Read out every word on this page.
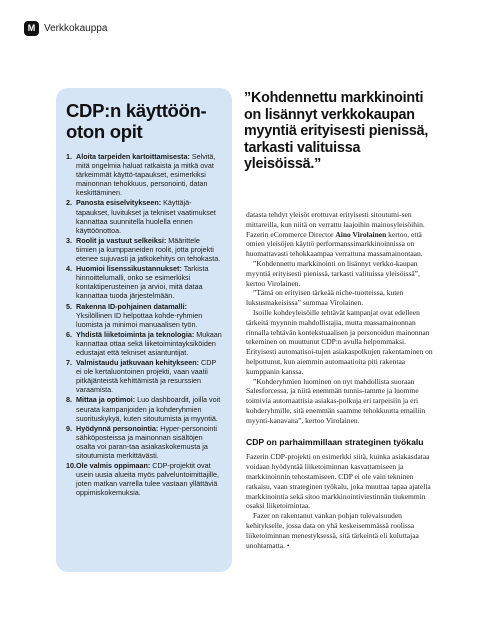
M Verkkokauppa
CDP:n käyttöön-oton opit
1. Aloita tarpeiden kartoittamisesta: Selvitä, mitä ongelmia haluat ratkaista ja mitkä ovat tärkeimmät käyttö-tapaukset, esimerkiksi mainonnan tehokkuus, personointi, datan keskittäminen.
2. Panosta esiselvitykseen: Käyttäjä-tapaukset, luvitukset ja tekniset vaatimukset kannattaa suunnitella huolella ennen käyttöönottoa.
3. Roolit ja vastuut selkeiksi: Määrittele tiimien ja kumppaneiden roolit, jotta projekti etenee sujuvasti ja jatkokehitys on tehokasta.
4. Huomioi lisenssikustannukset: Tarkista hinnoittelumalli, onko se esimerkiksi kontaktiperusteinen ja arvioi, mitä dataa kannattaa tuoda järjestelmään.
5. Rakenna ID-pohjainen datamalli: Yksilöllinen ID helpottaa kohde-ryhmien luomista ja minimoi manuaalisen työn.
6. Yhdistä liiketoiminta ja teknologia: Mukaan kannattaa ottaa sekä liiketoimintayksiköiden edustajat että tekniset asiantuntijat.
7. Valmistaudu jatkuvaan kehitykseen: CDP ei ole kertaluontoinen projekti, vaan vaatii pitkäjänteistä kehittämistä ja resurssien varaamista.
8. Mittaa ja optimoi: Luo dashboardit, joilla voit seurata kampanjoiden ja kohderyhmien suorituskykyä, kuten sitoutumista ja myyntiä.
9. Hyödynnä personointia: Hyper-personointi sähköposteissa ja mainonnan sisältöjen osalta voi paran-taa asiakaskokemusta ja sitoutumista merkittävästi.
10. Ole valmis oppimaan: CDP-projektit ovat usein uusia alueita myös palveluntoimittajille, joten matkan varrella tulee vastaan yllättäviä oppimiskokemuksia.
”Kohdennettu markkinointi on lisännyt verkkokaupan myyntiä erityisesti pienissä, tarkasti valituissa yleisöissä.”

datasta tehdyt yleisöt erottuvat erityisesti sitoutumi-sen mittareilla, kun niitä on verrattu laajoihin mainosyleisöihin. Fazerin eCommerce Director Aino Virolainen kertoo, että omien yleisöjen käyttö performanssimarkkinoinnissa on huomattavasti tehokkaampaa verrattuna massamainontaan.

”Kohdennettu markkinointi on lisännyt verkko-kaupan myyntiä erityisesti pienissä, tarkasti valituissa yleisöissä”, kertoo Virolainen.

”Tämä on erityisen tärkeää niche-tuotteissa, kuten luksusmakeisissa” summaa Virolainen.

Isoille kohdeyleisöille tehtävät kampanjat ovat edelleen tärkeitä myynnin mahdollistajia, mutta massamainonnan rinnalla tehtävän kontekstuaalisen ja personoidun mainonnan tekeminen on muuttunut CDP:n avulla helpommaksi. Erityisesti automatisoi-tujen asiakaspolkujen rakentaminen on helpottunut, kun aiemmin automaatioita piti rakentaa kumppanin kanssa.

”Kohderyhmien luominen on nyt mahdollista suoraan Salesforcessa, ja niitä enemmän tunnis-tamme ja luomme toimivia automaattisia asiakas-polkuja eri tarpeisiin ja eri kohderyhmille, sitä enemmän saamme tehokkuutta emailiin myynti-kanavana”, kertoo Virolainen.

CDP on parhaimmillaan strateginen työkalu

Fazerin CDP-projekti on esimerkki siitä, kuinka asiakasdataa voidaan hyödyntää liiketoiminnan kasvattamiseen ja markkinoinnin tehostamiseen. CDP ei ole vain tekninen ratkaisu, vaan strateginen työkalu, joka muuttaa tapaa ajatella markkinointia sekä sitoo markkinointiviestinnän tiukemmin osaksi liiketoimintaa.

Fazer on rakentanut vankan pohjan tulevaisuuden kehitykselle, jossa data on yhä keskeisemmässä roolissa liiketoiminnan menestyksessä, sitä tärkeintä eli kuluttajaa unohtamatta. •
